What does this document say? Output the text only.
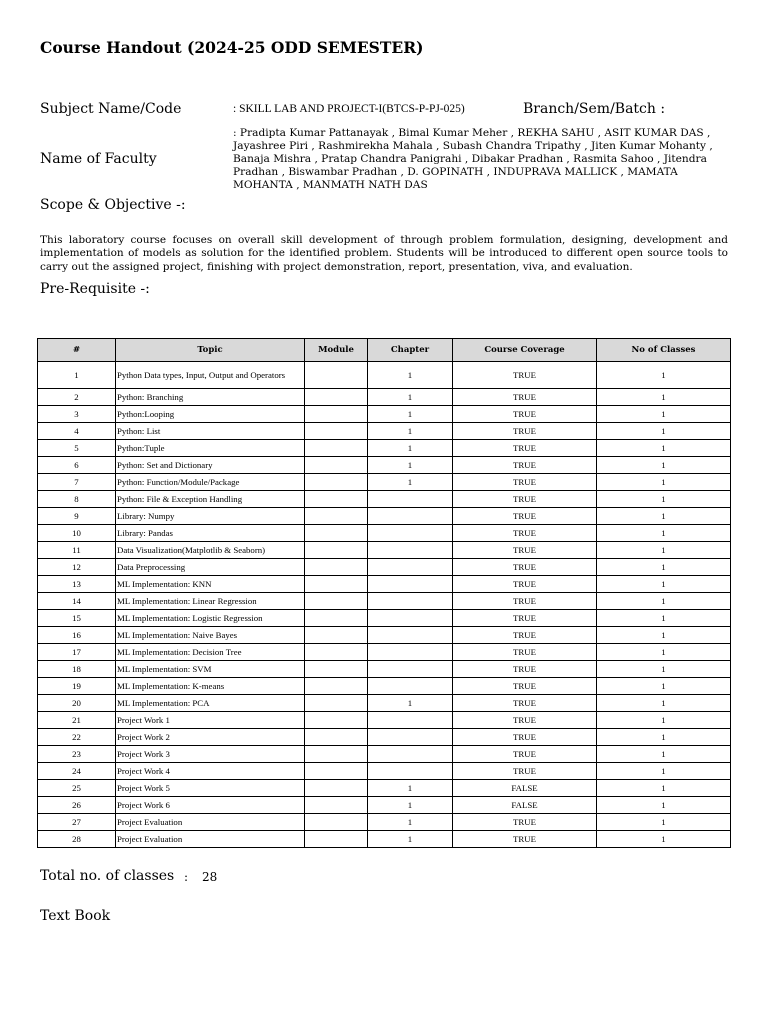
Course Handout (2024-25 ODD SEMESTER)
Subject Name/Code	: SKILL LAB AND PROJECT-I(BTCS-P-PJ-025)	Branch/Sem/Batch :
: Pradipta Kumar Pattanayak , Bimal Kumar Meher , REKHA SAHU , ASIT KUMAR DAS , Jayashree Piri , Rashmirekha Mahala , Subash Chandra Tripathy , Jiten Kumar Mohanty , Banaja Mishra , Pratap Chandra Panigrahi , Dibakar Pradhan , Rasmita Sahoo , Jitendra Pradhan , Biswambar Pradhan , D. GOPINATH , INDUPRAVA MALLICK , MAMATA MOHANTA , MANMATH NATH DAS
Name of Faculty
Scope & Objective -:
This laboratory course focuses on overall skill development of through problem formulation, designing, development and implementation of models as solution for the identified problem. Students will be introduced to different open source tools to carry out the assigned project, finishing with project demonstration, report, presentation, viva, and evaluation.
Pre-Requisite -:
#	Topic	Module	Chapter	Course Coverage	No of Classes
1	Python Data types, Input, Output and Operators		1	TRUE	1
2	Python: Branching		1	TRUE	1
3	Python:Looping		1	TRUE	1
4	Python: List		1	TRUE	1
5	Python:Tuple		1	TRUE	1
6	Python: Set and Dictionary		1	TRUE	1
7	Python: Function/Module/Package		1	TRUE	1
8	Python: File & Exception Handling			TRUE	1
9	Library: Numpy			TRUE	1
10	Library: Pandas			TRUE	1
11	Data Visualization(Matplotlib & Seaborn)			TRUE	1
12	Data Preprocessing			TRUE	1
13	ML Implementation: KNN			TRUE	1
14	ML Implementation: Linear Regression			TRUE	1
15	ML Implementation: Logistic Regression			TRUE	1
16	ML Implementation: Naive Bayes			TRUE	1
17	ML Implementation: Decision Tree			TRUE	1
18	ML Implementation: SVM			TRUE	1
19	ML Implementation: K-means			TRUE	1
20	ML Implementation: PCA		1	TRUE	1
21	Project Work 1			TRUE	1
22	Project Work 2			TRUE	1
23	Project Work 3			TRUE	1
24	Project Work 4			TRUE	1
25	Project Work 5		1	FALSE	1
26	Project Work 6		1	FALSE	1
27	Project Evaluation		1	TRUE	1
28	Project Evaluation		1	TRUE	1
Total no. of classes : 28
Text Book
